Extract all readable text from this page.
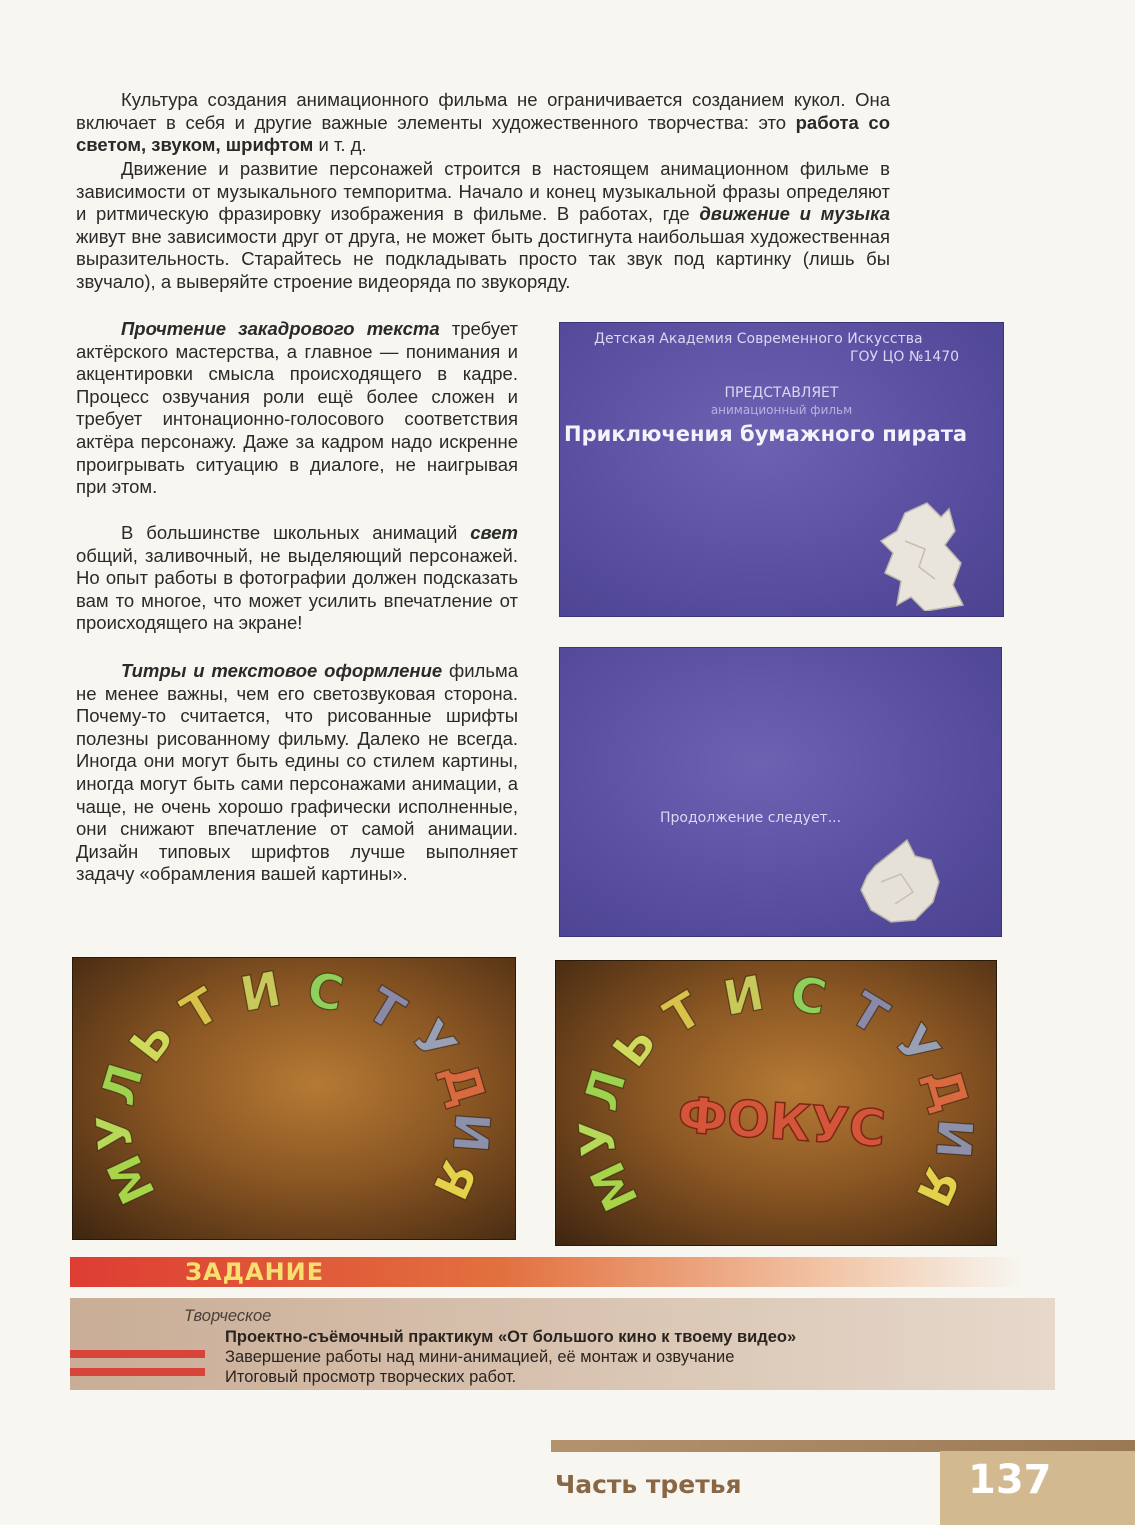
Культура создания анимационного фильма не ограничивается созданием кукол. Она включает в себя и другие важные элементы художественного творчества: это работа со светом, звуком, шрифтом и т. д.

Движение и развитие персонажей строится в настоящем анимационном фильме в зависимости от музыкального темпоритма. Начало и конец музыкальной фразы определяют и ритмическую фразировку изображения в фильме. В работах, где движение и музыка живут вне зависимости друг от друга, не может быть достигнута наибольшая художественная выразительность. Старайтесь не подкладывать просто так звук под картинку (лишь бы звучало), а выверяйте строение видеоряда по звукоряду.

Прочтение закадрового текста требует актёрского мастерства, а главное — понимания и акцентировки смысла происходящего в кадре. Процесс озвучания роли ещё более сложен и требует интонационно-голосового соответствия актёра персонажу. Даже за кадром надо искренне проигрывать ситуацию в диалоге, не наигрывая при этом.

В большинстве школьных анимаций свет общий, заливочный, не выделяющий персонажей. Но опыт работы в фотографии должен подсказать вам то многое, что может усилить впечатление от происходящего на экране!

Титры и текстовое оформление фильма не менее важны, чем его светозвуковая сторона. Почему-то считается, что рисованные шрифты полезны рисованному фильму. Далеко не всегда. Иногда они могут быть едины со стилем картины, иногда могут быть сами персонажами анимации, а чаще, не очень хорошо графически исполненные, они снижают впечатление от самой анимации. Дизайн типовых шрифтов лучше выполняет задачу «обрамления вашей картины».

Детская Академия Современного Искусства
ГОУ ЦО №1470
ПРЕДСТАВЛЯЕТ
анимационный фильм
Приключения бумажного пирата
Продолжение следует...
М
У
Л
Ь
Т И С Т
У
Д
И
Я
ФОКУС
М
У
Л
Ь
Т И С Т
У
Д
И
Я
ЗАДАНИЕ
Творческое
Проектно-съёмочный практикум «От большого кино к твоему видео»
Завершение работы над мини-анимацией, её монтаж и озвучание
Итоговый просмотр творческих работ.
Часть третья	137
